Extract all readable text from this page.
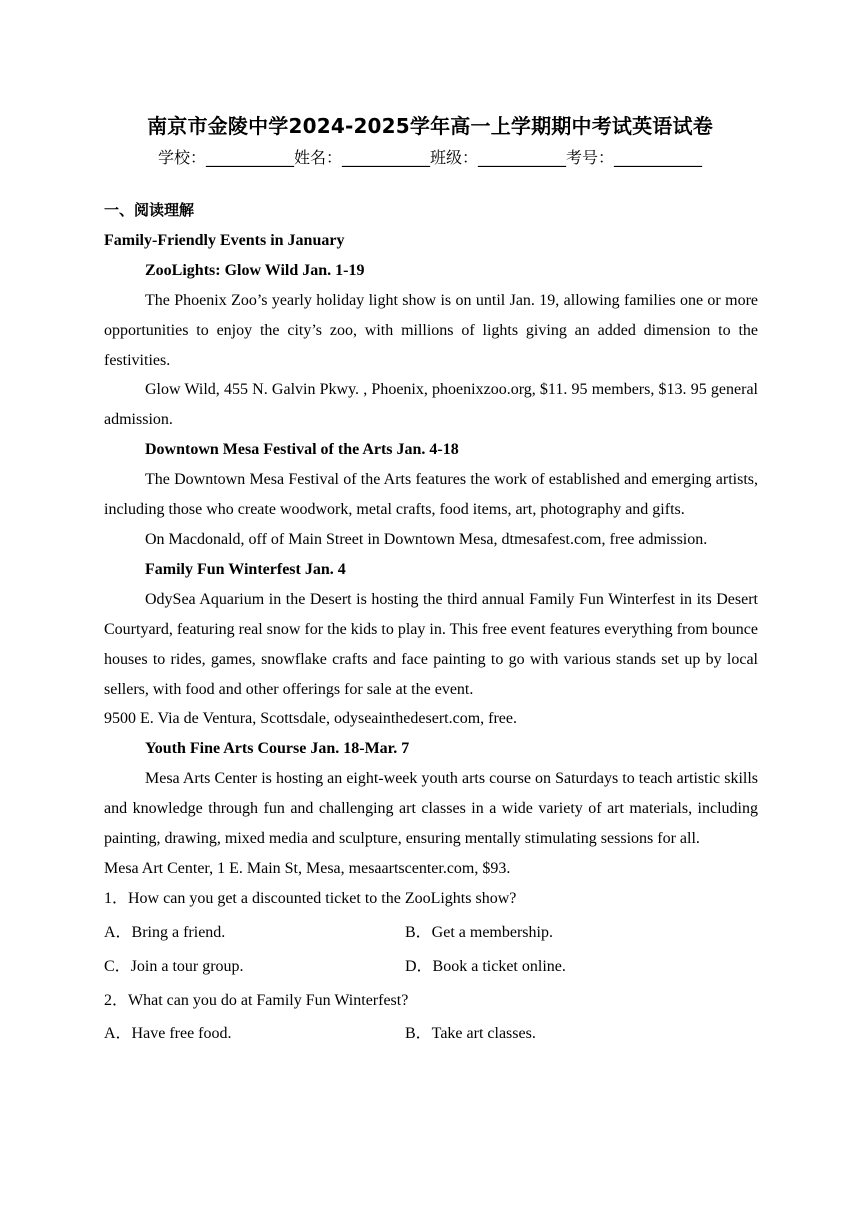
南京市金陵中学2024-2025学年高一上学期期中考试英语试卷
学校：___________姓名：___________班级：___________考号：___________
一、阅读理解
Family-Friendly Events in January
ZooLights: Glow Wild Jan. 1-19

The Phoenix Zoo’s yearly holiday light show is on until Jan. 19, allowing families one or more opportunities to enjoy the city’s zoo, with millions of lights giving an added dimension to the festivities.

Glow Wild, 455 N. Galvin Pkwy. , Phoenix, phoenixzoo.org, $11. 95 members, $13. 95 general admission.

Downtown Mesa Festival of the Arts Jan. 4-18

The Downtown Mesa Festival of the Arts features the work of established and emerging artists, including those who create woodwork, metal crafts, food items, art, photography and gifts.

On Macdonald, off of Main Street in Downtown Mesa, dtmesafest.com, free admission.

Family Fun Winterfest Jan. 4

OdySea Aquarium in the Desert is hosting the third annual Family Fun Winterfest in its Desert Courtyard, featuring real snow for the kids to play in. This free event features everything from bounce houses to rides, games, snowflake crafts and face painting to go with various stands set up by local sellers, with food and other offerings for sale at the event.

9500 E. Via de Ventura, Scottsdale, odyseainthedesert.com, free.

Youth Fine Arts Course Jan. 18-Mar. 7

Mesa Arts Center is hosting an eight-week youth arts course on Saturdays to teach artistic skills and knowledge through fun and challenging art classes in a wide variety of art materials, including painting, drawing, mixed media and sculpture, ensuring mentally stimulating sessions for all.

Mesa Art Center, 1 E. Main St, Mesa, mesaartscenter.com, $93.

1．How can you get a discounted ticket to the ZooLights show?

A．Bring a friend.	B．Get a membership.
C．Join a tour group.	D．Book a ticket online.

2．What can you do at Family Fun Winterfest?

A．Have free food.	B．Take art classes.
